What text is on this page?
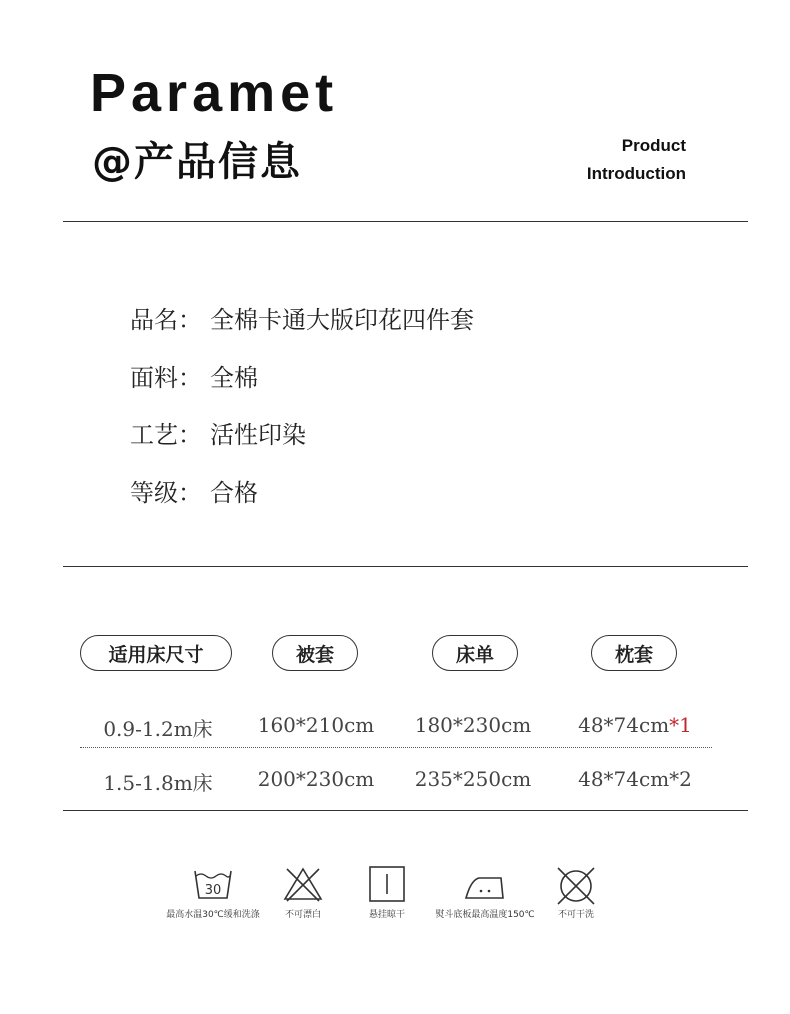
Paramet
@产品信息	Product
Introduction
品名： 全棉卡通大版印花四件套
面料： 全棉
工艺： 活性印染
等级： 合格
适用床尺寸	被套	床单	枕套
0.9-1.2m床	160*210cm	180*230cm	48*74cm*1
1.5-1.8m床	200*230cm	235*250cm	48*74cm*2
30
最高水温30℃缓和洗涤	不可漂白	悬挂晾干	熨斗底板最高温度150℃	不可干洗
